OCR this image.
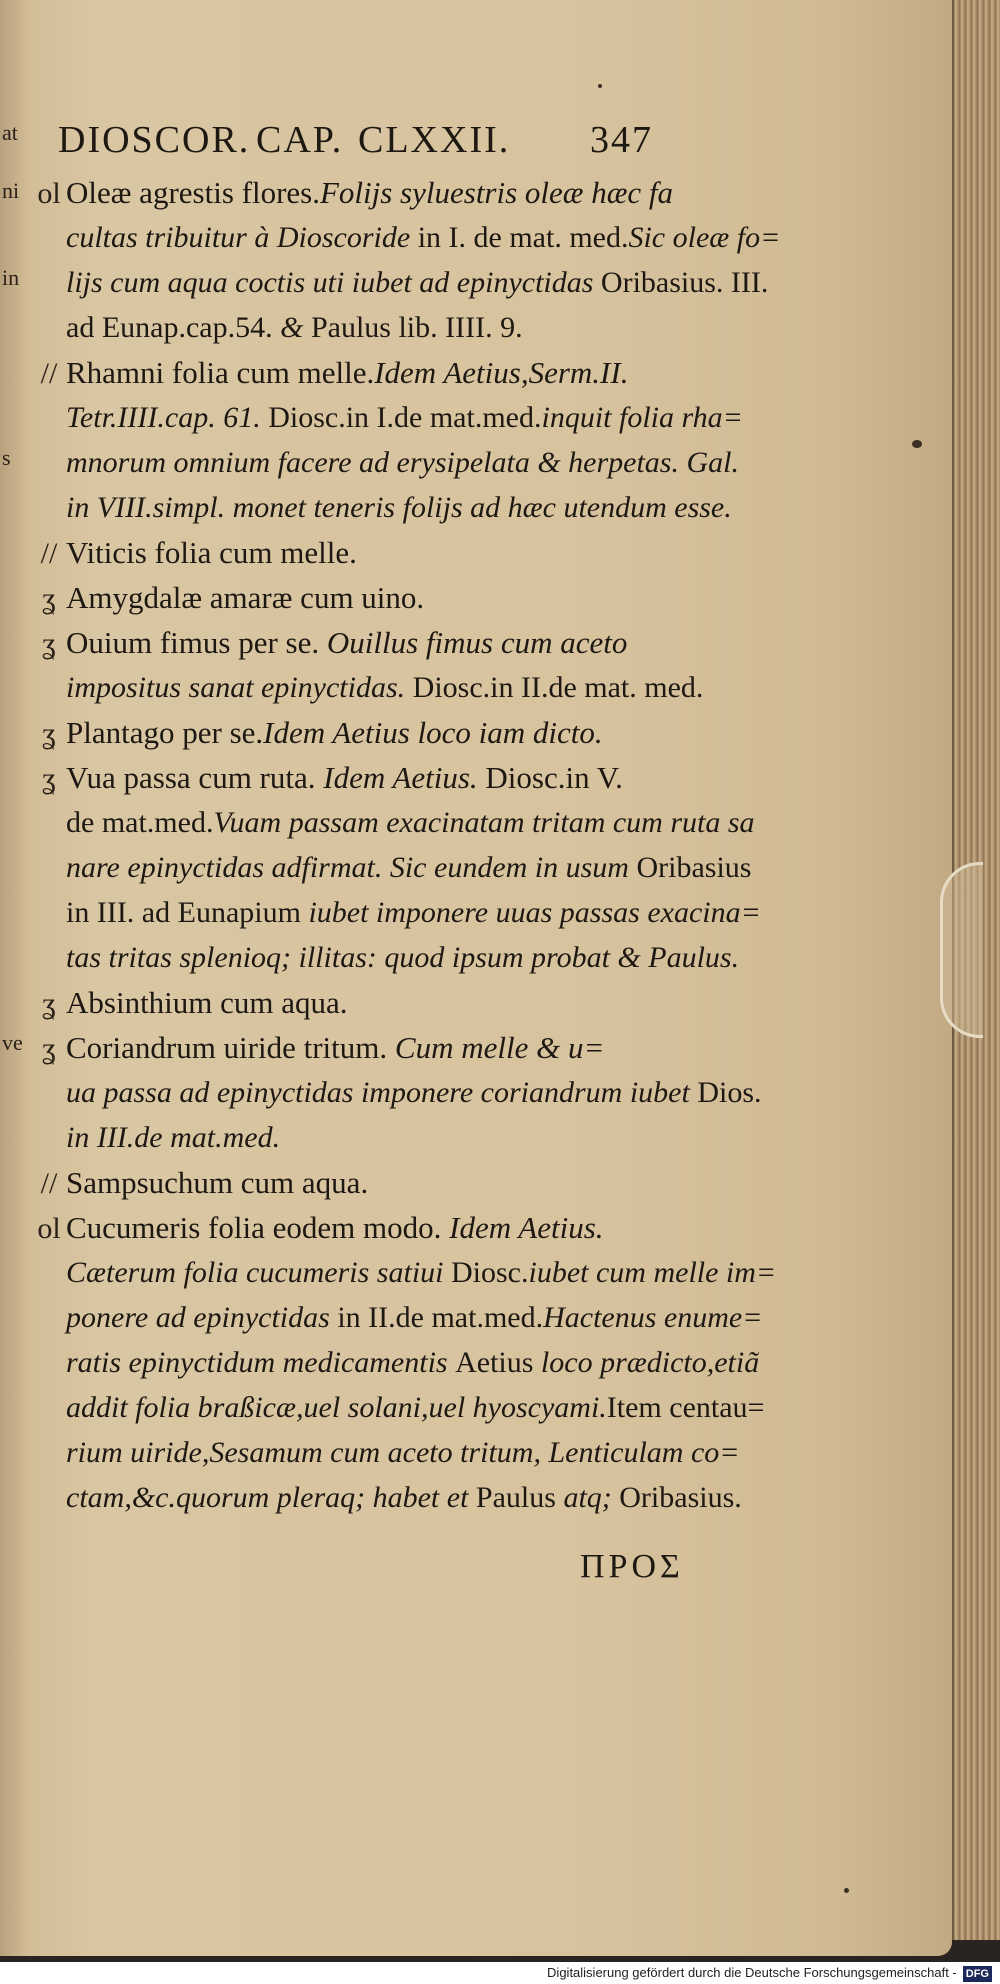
at
ni
in
s
ve
DIOSCOR. CAP. CLXXII. 347
ol Oleæ agrestis flores.Folijs syluestris oleæ hæc fa
cultas tribuitur à Dioscoride in I. de mat. med.Sic oleæ fo=
lijs cum aqua coctis uti iubet ad epinyctidas Oribasius. III.
ad Eunap.cap.54. & Paulus lib. IIII. 9.
// Rhamni folia cum melle.Idem Aetius,Serm.II.
Tetr.IIII.cap. 61. Diosc.in I.de mat.med.inquit folia rha=
mnorum omnium facere ad erysipelata & herpetas. Gal.
in VIII.simpl. monet teneris folijs ad hæc utendum esse.
// Viticis folia cum melle.
ʓ Amygdalæ amaræ cum uino.
ʓ Ouium fimus per se. Ouillus fimus cum aceto
impositus sanat epinyctidas. Diosc.in II.de mat. med.
ʓ Plantago per se.Idem Aetius loco iam dicto.
ʓ Vua passa cum ruta. Idem Aetius. Diosc.in V.
de mat.med.Vuam passam exacinatam tritam cum ruta sa
nare epinyctidas adfirmat. Sic eundem in usum Oribasius
in III. ad Eunapium iubet imponere uuas passas exacina=
tas tritas splenioq; illitas: quod ipsum probat & Paulus.
ʓ Absinthium cum aqua.
ʓ Coriandrum uiride tritum. Cum melle & u=
ua passa ad epinyctidas imponere coriandrum iubet Dios.
in III.de mat.med.
// Sampsuchum cum aqua.
ol Cucumeris folia eodem modo. Idem Aetius.
Cæterum folia cucumeris satiui Diosc.iubet cum melle im=
ponere ad epinyctidas in II.de mat.med.Hactenus enume=
ratis epinyctidum medicamentis Aetius loco prædicto,etiã
addit folia braßicæ,uel solani,uel hyoscyami.Item centau=
rium uiride,Sesamum cum aceto tritum, Lenticulam co=
ctam,&c.quorum pleraq; habet et Paulus atq; Oribasius.
ΠΡΟΣ
Digitalisierung gefördert durch die Deutsche Forschungsgemeinschaft - DFG
